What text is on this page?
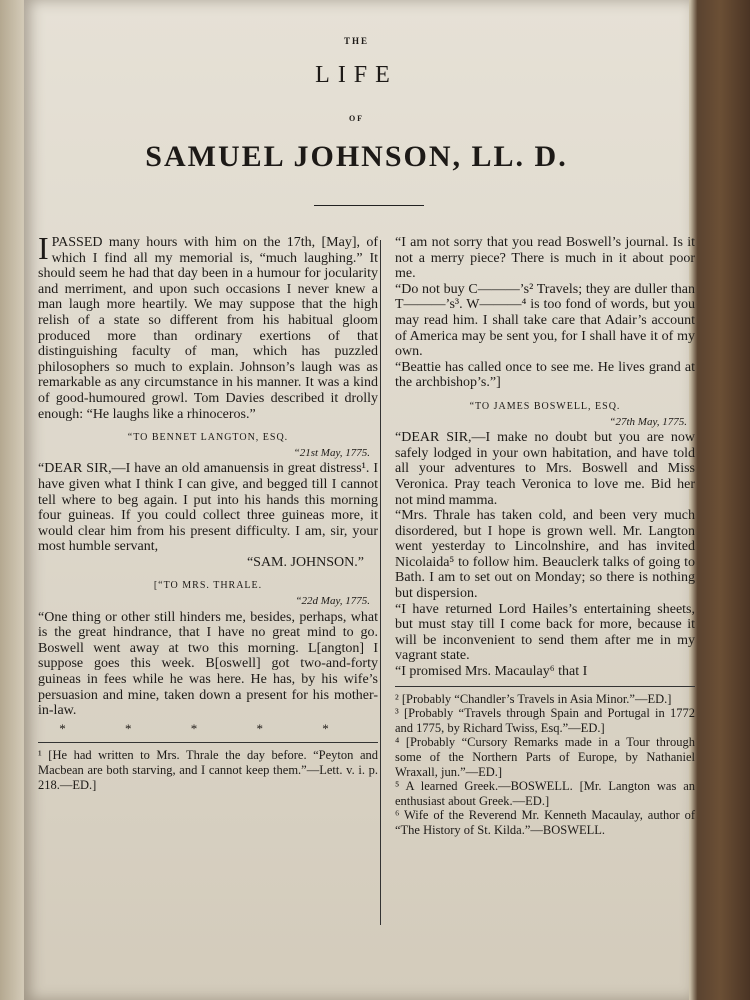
THE
LIFE
OF
SAMUEL JOHNSON, LL. D.

IPASSED many hours with him on the 17th, [May], of which I find all my memorial is, “much laughing.” It should seem he had that day been in a humour for jocularity and merriment, and upon such occasions I never knew a man laugh more heartily. We may suppose that the high relish of a state so different from his habitual gloom produced more than ordinary exertions of that distinguishing faculty of man, which has puzzled philosophers so much to explain. Johnson’s laugh was as remarkable as any circumstance in his manner. It was a kind of good-humoured growl. Tom Davies described it drolly enough: “He laughs like a rhinoceros.”

“TO BENNET LANGTON, ESQ.

“21st May, 1775.

“DEAR SIR,—I have an old amanuensis in great distress¹. I have given what I think I can give, and begged till I cannot tell where to beg again. I put into his hands this morning four guineas. If you could collect three guineas more, it would clear him from his present difficulty. I am, sir, your most humble servant,

“SAM. JOHNSON.”

[“TO MRS. THRALE.

“22d May, 1775.

“One thing or other still hinders me, besides, perhaps, what is the great hindrance, that I have no great mind to go. Boswell went away at two this morning. L[angton] I suppose goes this week. B[oswell] got two-and-forty guineas in fees while he was here. He has, by his wife’s persuasion and mine, taken down a present for his mother-in-law.

* * * * *

¹ [He had written to Mrs. Thrale the day before. “Peyton and Macbean are both starving, and I cannot keep them.”—Lett. v. i. p. 218.—ED.]

“I am not sorry that you read Boswell’s journal. Is it not a merry piece? There is much in it about poor me.

“Do not buy C———’s² Travels; they are duller than T———’s³. W———⁴ is too fond of words, but you may read him. I shall take care that Adair’s account of America may be sent you, for I shall have it of my own.

“Beattie has called once to see me. He lives grand at the archbishop’s.”]

“TO JAMES BOSWELL, ESQ.

“27th May, 1775.

“DEAR SIR,—I make no doubt but you are now safely lodged in your own habitation, and have told all your adventures to Mrs. Boswell and Miss Veronica. Pray teach Veronica to love me. Bid her not mind mamma.

“Mrs. Thrale has taken cold, and been very much disordered, but I hope is grown well. Mr. Langton went yesterday to Lincolnshire, and has invited Nicolaida⁵ to follow him. Beauclerk talks of going to Bath. I am to set out on Monday; so there is nothing but dispersion.

“I have returned Lord Hailes’s entertaining sheets, but must stay till I come back for more, because it will be inconvenient to send them after me in my vagrant state.

“I promised Mrs. Macaulay⁶ that I

² [Probably “Chandler’s Travels in Asia Minor.”—ED.]

³ [Probably “Travels through Spain and Portugal in 1772 and 1775, by Richard Twiss, Esq.”—ED.]

⁴ [Probably “Cursory Remarks made in a Tour through some of the Northern Parts of Europe, by Nathaniel Wraxall, jun.”—ED.]

⁵ A learned Greek.—BOSWELL. [Mr. Langton was an enthusiast about Greek.—ED.]

⁶ Wife of the Reverend Mr. Kenneth Macaulay, author of “The History of St. Kilda.”—BOSWELL.
